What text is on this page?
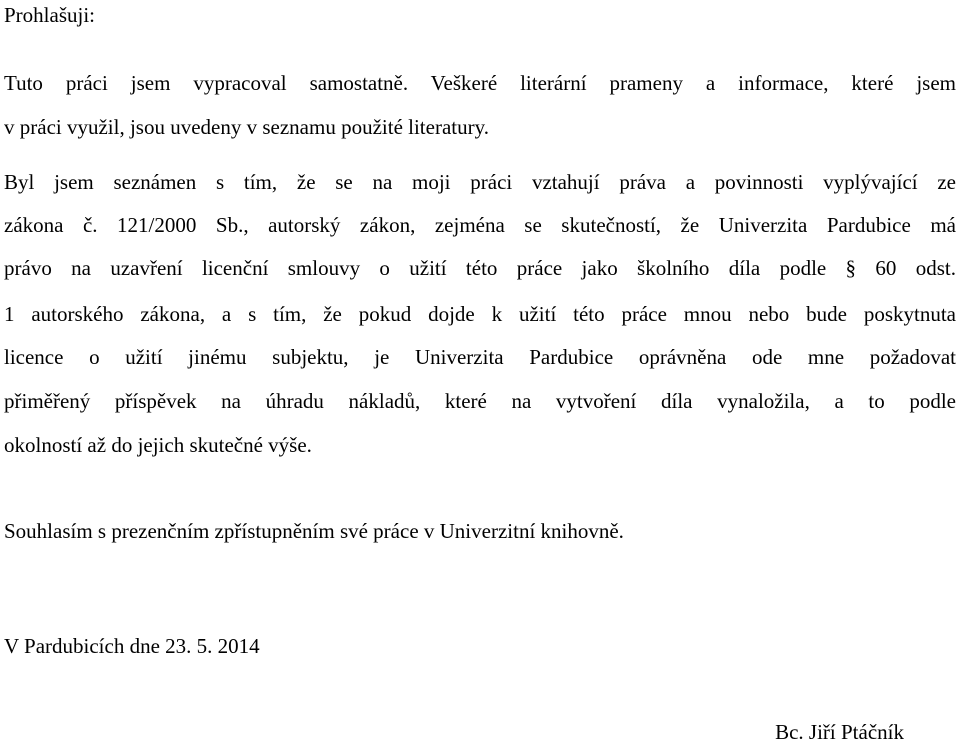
Prohlašuji:
Tuto práci jsem vypracoval samostatně. Veškeré literární prameny a informace, které jsem
v práci využil, jsou uvedeny v seznamu použité literatury.
Byl jsem seznámen s tím, že se na moji práci vztahují práva a povinnosti vyplývající ze
zákona č. 121/2000 Sb., autorský zákon, zejména se skutečností, že Univerzita Pardubice má
právo na uzavření licenční smlouvy o užití této práce jako školního díla podle § 60 odst.
1 autorského zákona, a s tím, že pokud dojde k užití této práce mnou nebo bude poskytnuta
licence o užití jinému subjektu, je Univerzita Pardubice oprávněna ode mne požadovat
přiměřený příspěvek na úhradu nákladů, které na vytvoření díla vynaložila, a to podle
okolností až do jejich skutečné výše.
Souhlasím s prezenčním zpřístupněním své práce v Univerzitní knihovně.
V Pardubicích dne 23. 5. 2014
Bc. Jiří Ptáčník
